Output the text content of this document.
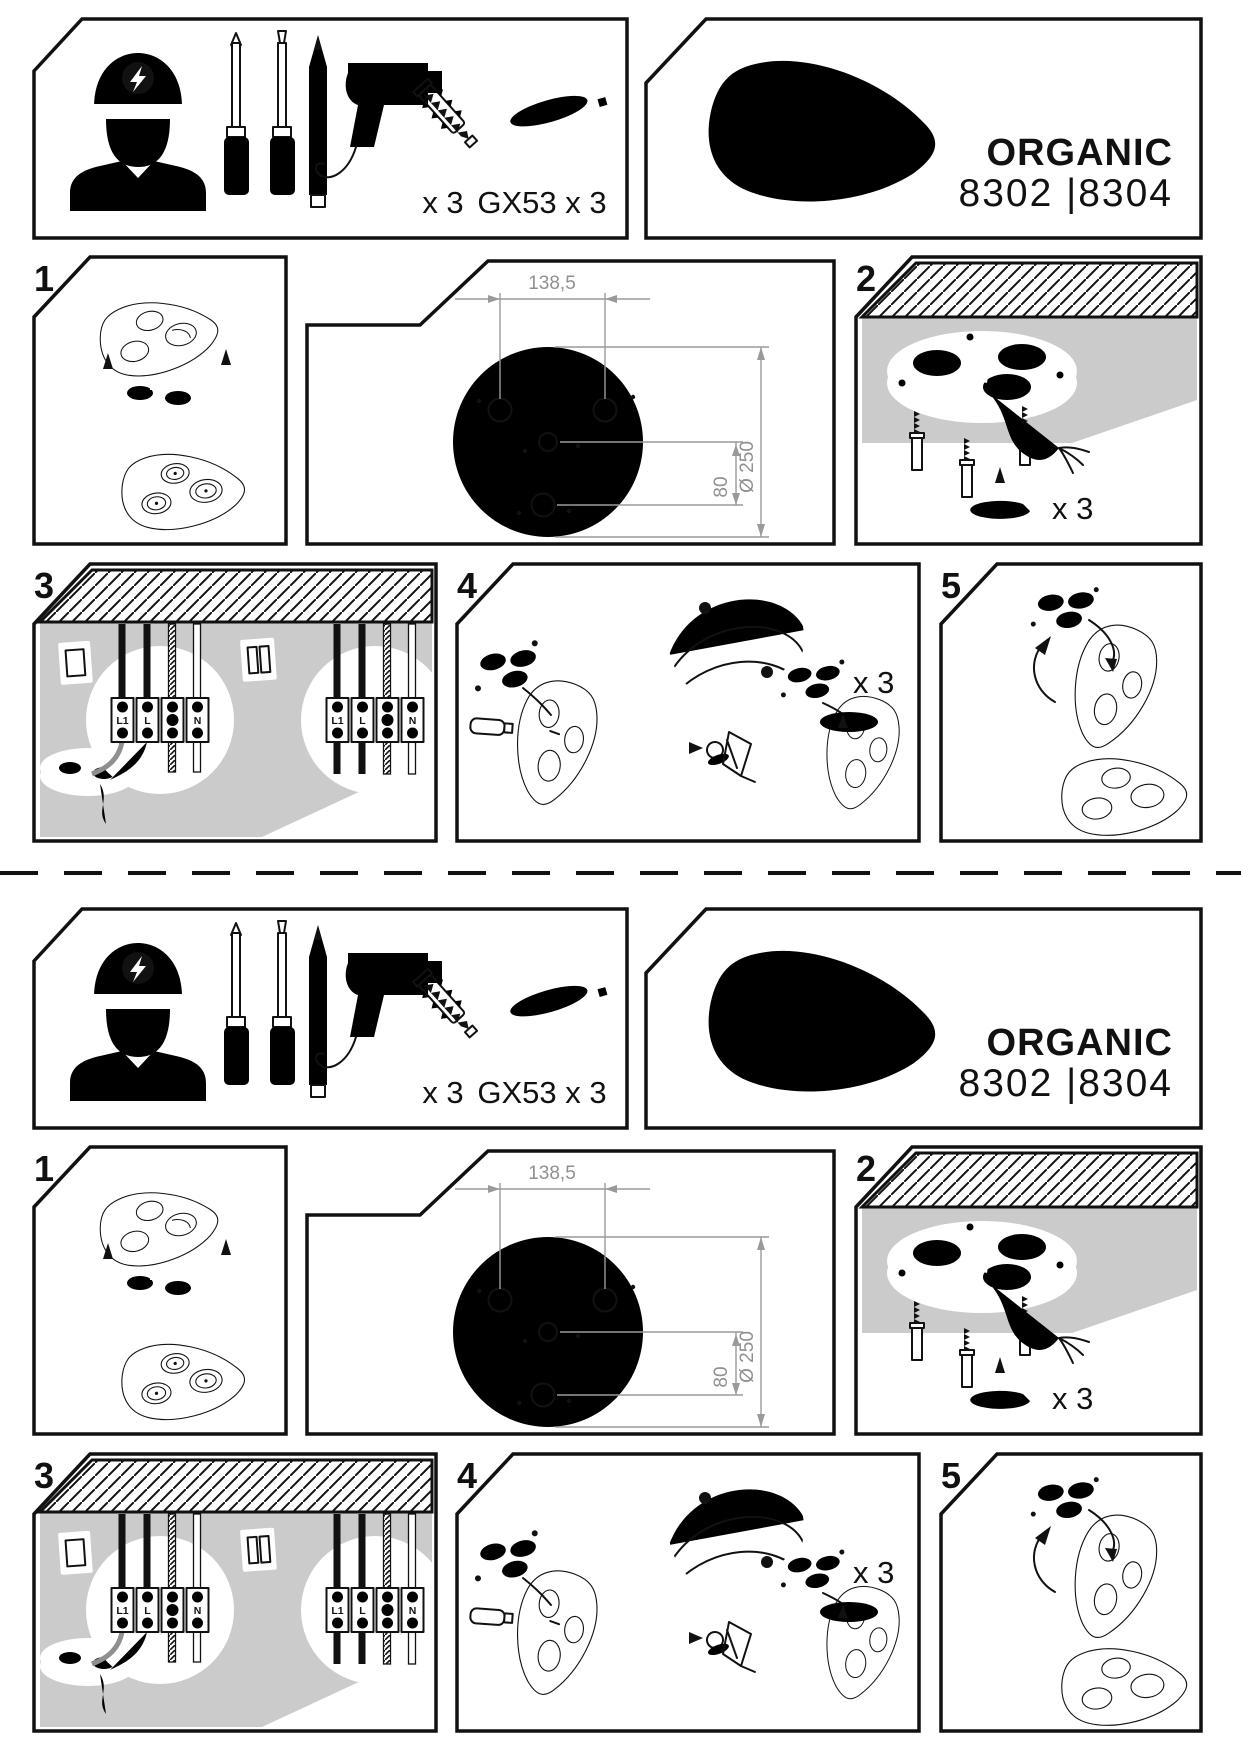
x 3 GX53 x 3
ORGANIC
8302 |8304
1	138,5
Ø 250
80
x 3
2
L1 L	N	L1 L	N
3
x 3
4	5
x 3 GX53 x 3
ORGANIC
8302 |8304
1	138,5
Ø 250
80
x 3
2
L1 L	N	L1 L	N
3
x 3
4	5
